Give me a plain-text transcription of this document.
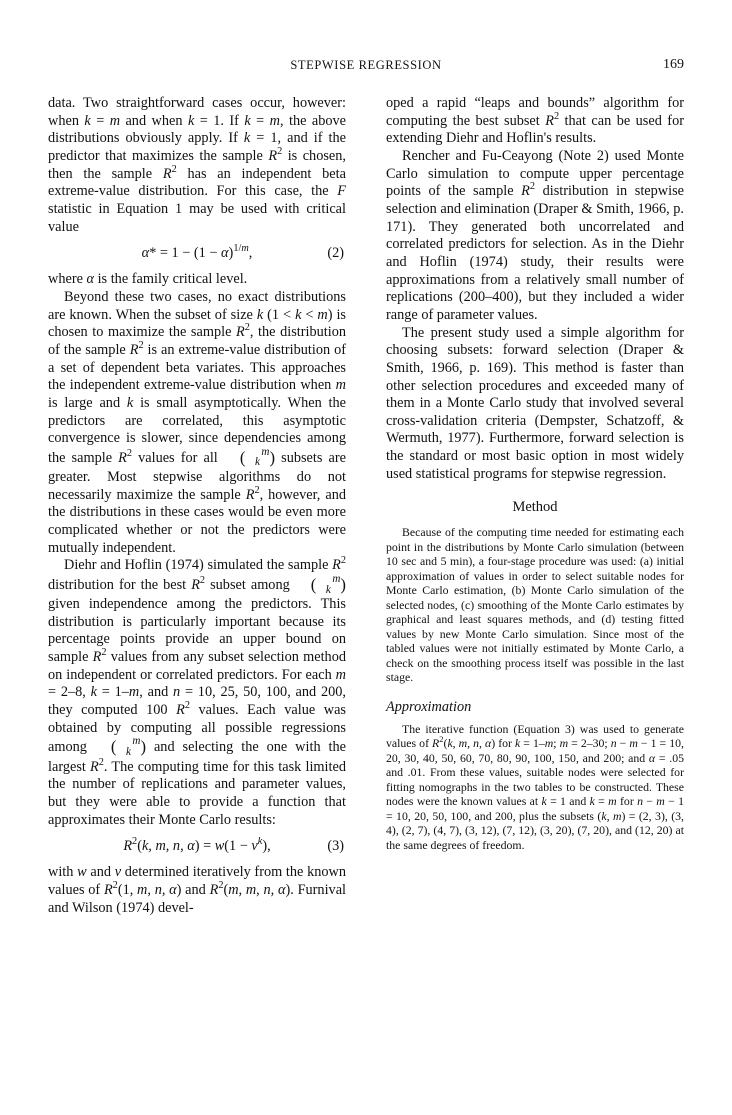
STEPWISE REGRESSION	169

data. Two straightforward cases occur, however: when k = m and when k = 1. If k = m, the above distributions obviously apply. If k = 1, and if the predictor that maximizes the sample $R^2$ is chosen, then the sample $R^2$ has an independent beta extreme-value distribution. For this case, the F statistic in Equation 1 may be used with critical value

$\alpha* = 1 - (1 - \alpha)^{1/m}$,	(2)

where α is the family critical level.

Beyond these two cases, no exact distributions are known. When the subset of size k (1 < k < m) is chosen to maximize the sample $R^2$, the distribution of the sample $R^2$ is an extreme-value distribution of a set of dependent beta variates. This approaches the independent extreme-value distribution when m is large and k is small asymptotically. When the predictors are correlated, this asymptotic convergence is slower, since dependencies among the sample $R^2$ values for all ( m
k ) subsets are greater. Most stepwise algorithms do not necessarily maximize the sample $R^2$, however, and the distributions in these cases would be even more complicated whether or not the predictors were mutually independent.

Diehr and Hoflin (1974) simulated the sample $R^2$ distribution for the best $R^2$ subset among ( m
k ) given independence among the predictors. This distribution is particularly important because its percentage points provide an upper bound on sample $R^2$ values from any subset selection method on independent or correlated predictors. For each m = 2–8, k = 1–m, and n = 10, 25, 50, 100, and 200, they computed 100 $R^2$ values. Each value was obtained by computing all possible regressions among ( m
k ) and selecting the one with the largest $R^2$. The computing time for this task limited the number of replications and parameter values, but they were able to provide a function that approximates their Monte Carlo results:

$R^2(k$, m, n, $\alpha) = w(1 - v^k)$,	(3)

with w and v determined iteratively from the known values of $R^2(1$, m, n, α) and $R^2(m$, m, n, α). Furnival and Wilson (1974) devel-

oped a rapid “leaps and bounds” algorithm for computing the best subset $R^2$ that can be used for extending Diehr and Hoflin's results.

Rencher and Fu-Ceayong (Note 2) used Monte Carlo simulation to compute upper percentage points of the sample $R^2$ distribution in stepwise selection and elimination (Draper & Smith, 1966, p. 171). They generated both uncorrelated and correlated predictors for selection. As in the Diehr and Hoflin (1974) study, their results were approximations from a relatively small number of replications (200–400), but they included a wider range of parameter values.

The present study used a simple algorithm for choosing subsets: forward selection (Draper & Smith, 1966, p. 169). This method is faster than other selection procedures and exceeded many of them in a Monte Carlo study that involved several cross-validation criteria (Dempster, Schatzoff, & Wermuth, 1977). Furthermore, forward selection is the standard or most basic option in most widely used statistical programs for stepwise regression.

Method

Because of the computing time needed for estimating each point in the distributions by Monte Carlo simulation (between 10 sec and 5 min), a four-stage procedure was used: (a) initial approximation of values in order to select suitable nodes for Monte Carlo estimation, (b) Monte Carlo simulation of the selected nodes, (c) smoothing of the Monte Carlo estimates by graphical and least squares methods, and (d) testing fitted values by new Monte Carlo simulation. Since most of the tabled values were not initially estimated by Monte Carlo, a check on the smoothing process itself was possible in the last stage.

Approximation

The iterative function (Equation 3) was used to generate values of $R^2(k$, m, n, α) for k = 1–m; m = 2–30; n − m − 1 = 10, 20, 30, 40, 50, 60, 70, 80, 90, 100, 150, and 200; and α = .05 and .01. From these values, suitable nodes were selected for fitting nomographs in the two tables to be constructed. These nodes were the known values at k = 1 and k = m for n − m − 1 = 10, 20, 50, 100, and 200, plus the subsets (k, m) = (2, 3), (3, 4), (2, 7), (4, 7), (3, 12), (7, 12), (3, 20), (7, 20), and (12, 20) at the same degrees of freedom.
